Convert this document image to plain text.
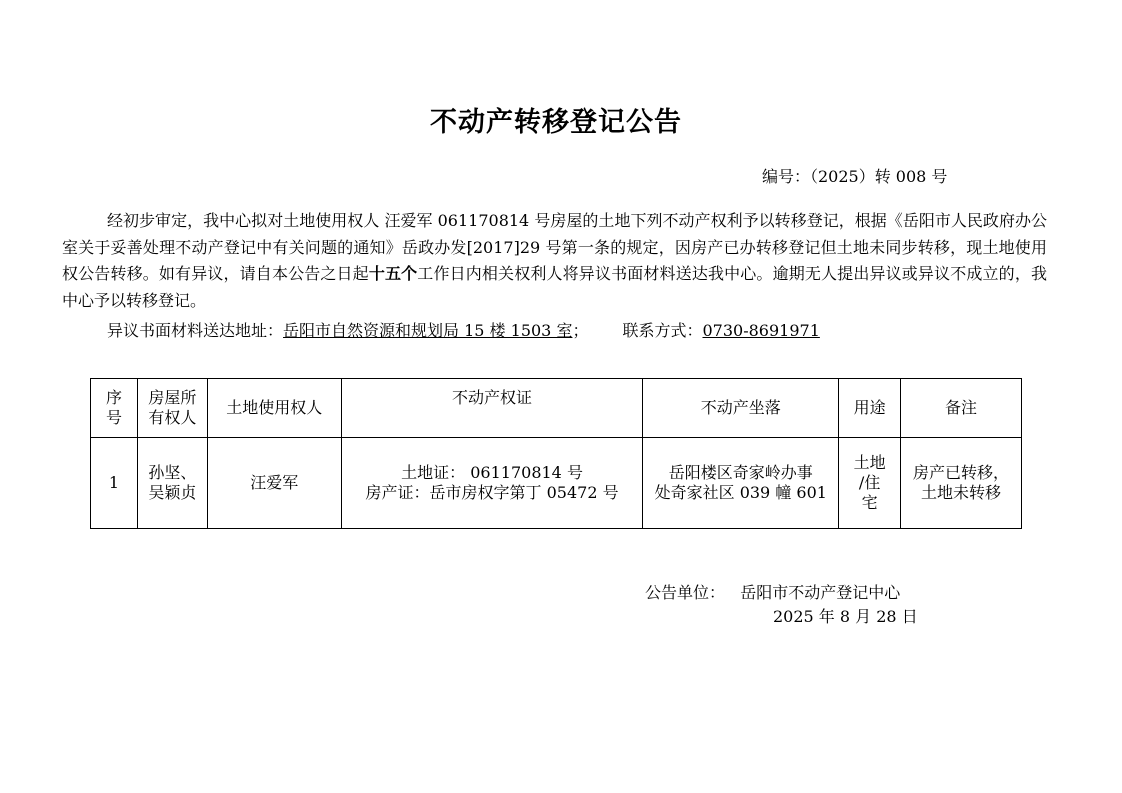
不动产转移登记公告
编号：（2025）转 008 号

经初步审定，我中心拟对土地使用权人 汪爱军 061170814 号房屋的土地下列不动产权利予以转移登记，根据《岳阳市人民政府办公室关于妥善处理不动产登记中有关问题的通知》岳政办发[2017]29 号第一条的规定，因房产已办转移登记但土地未同步转移，现土地使用权公告转移。如有异议，请自本公告之日起十五个工作日内相关权利人将异议书面材料送达我中心。逾期无人提出异议或异议不成立的，我中心予以转移登记。

异议书面材料送达地址：岳阳市自然资源和规划局 15 楼 1503 室； 联系方式：0730-8691971
序
号	房屋所
有权人	土地使用权人	不动产权证	不动产坐落	用途	备注
1	孙坚、
吴颖贞	汪爱军	土地证： 061170814 号
房产证：岳市房权字第丁 05472 号	岳阳楼区奇家岭办事
处奇家社区 039 幢 601	土地
/住
宅	房产已转移，
土地未转移
公告单位： 岳阳市不动产登记中心
2025 年 8 月 28 日
